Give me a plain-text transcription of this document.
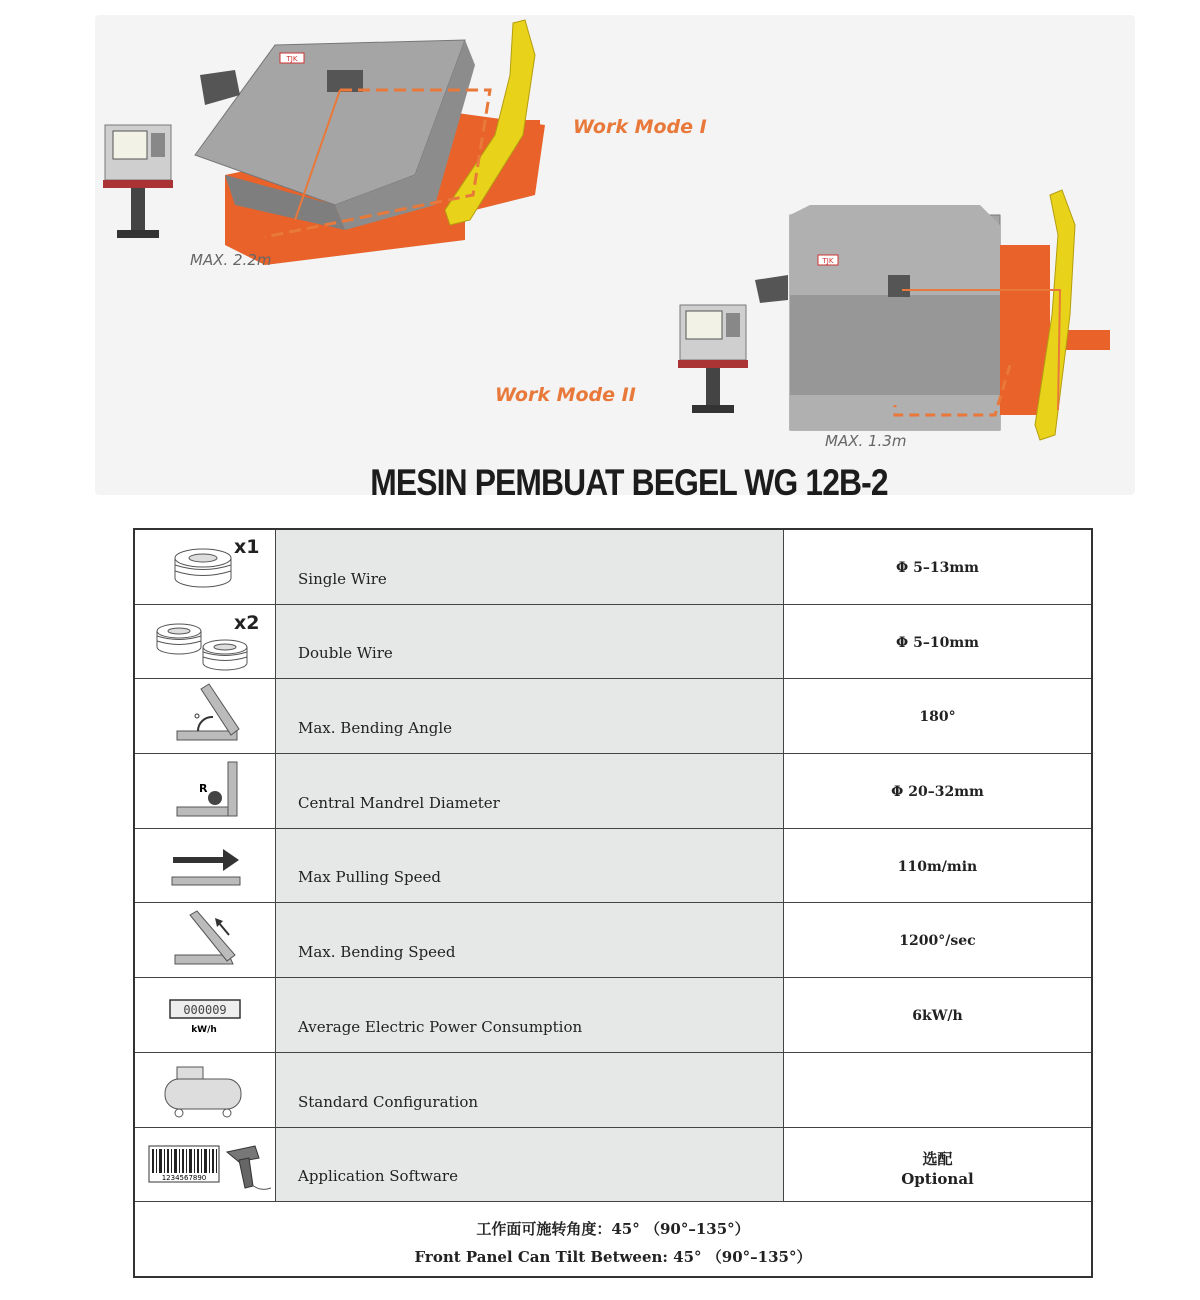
TJK
TJK
Work Mode I
MAX. 2.2m
Work Mode II
MAX. 1.3m
MESIN PEMBUAT BEGEL WG 12B-2
x1
Single Wire
Φ 5–13mm
x2
Double Wire
Φ 5–10mm
Max. Bending Angle
180°
R
Central Mandrel Diameter
Φ 20–32mm
Max Pulling Speed
110m/min
Max. Bending Speed
1200°/sec
000009
kW/h	Average Electric Power Consumption
6kW/h
Standard Configuration
1234567890	Application Software
选配
Optional
工作面可施转角度：45° （90°–135°）
Front Panel Can Tilt Between: 45° （90°–135°）
